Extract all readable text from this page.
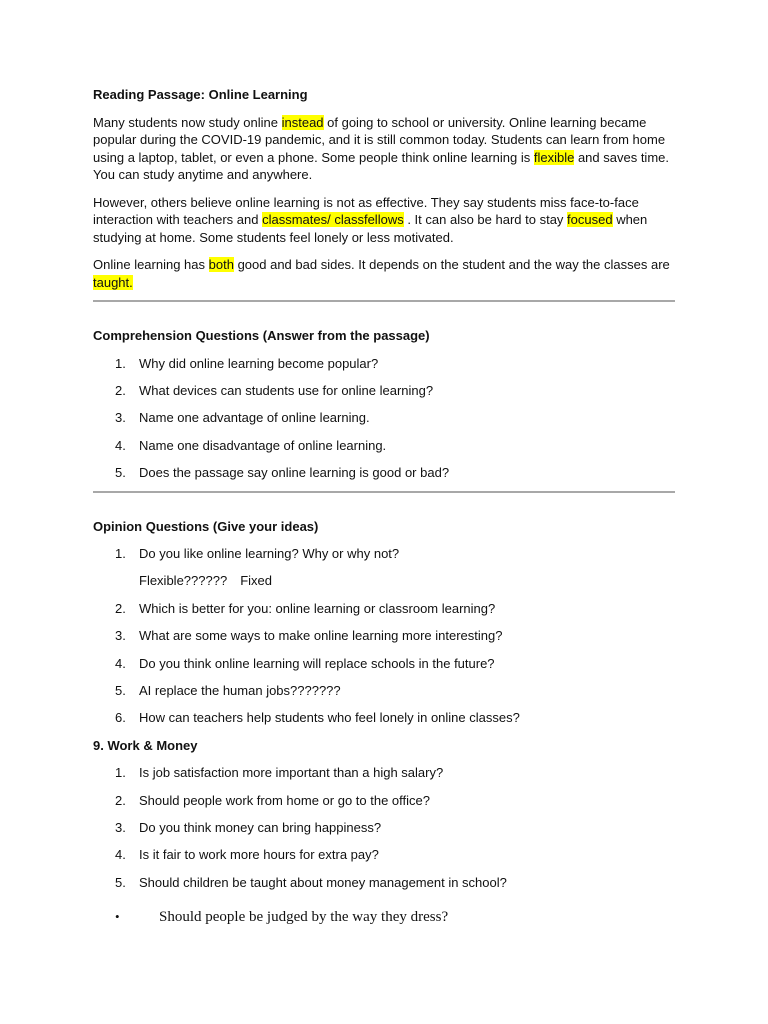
Reading Passage: Online Learning

Many students now study online instead of going to school or university. Online learning became popular during the COVID-19 pandemic, and it is still common today. Students can learn from home using a laptop, tablet, or even a phone. Some people think online learning is flexible and saves time. You can study anytime and anywhere.

However, others believe online learning is not as effective. They say students miss face-to-face interaction with teachers and classmates/ classfellows . It can also be hard to stay focused when studying at home. Some students feel lonely or less motivated.

Online learning has both good and bad sides. It depends on the student and the way the classes are taught.

Comprehension Questions (Answer from the passage)
1. Why did online learning become popular?
2. What devices can students use for online learning?
3. Name one advantage of online learning.
4. Name one disadvantage of online learning.
5. Does the passage say online learning is good or bad?
Opinion Questions (Give your ideas)
1. Do you like online learning? Why or why not?
Flexible?????? Fixed
2. Which is better for you: online learning or classroom learning?
3. What are some ways to make online learning more interesting?
4. Do you think online learning will replace schools in the future?
5. AI replace the human jobs???????
6. How can teachers help students who feel lonely in online classes?
9. Work & Money
1. Is job satisfaction more important than a high salary?
2. Should people work from home or go to the office?
3. Do you think money can bring happiness?
4. Is it fair to work more hours for extra pay?
5. Should children be taught about money management in school?
•	Should people be judged by the way they dress?
